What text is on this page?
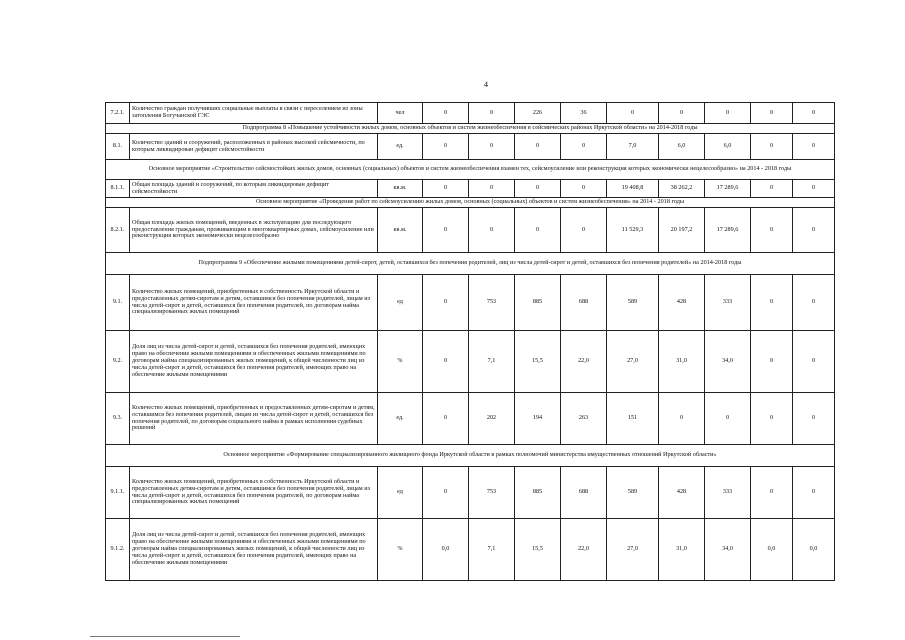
4
7.2.1.	Количество граждан получивших социальные выплаты в связи с переселением из зоны затопления Богучанской ГЭС	чел	0	0	226	36	0	0	0	0	0
Подпрограмма 8 «Повышение устойчивости жилых домов, основных объектов и систем жизнеобеспечения в сейсмических районах Иркутской области» на 2014-2018 годы											
8.1.	Количество зданий и сооружений, расположенных в районах высокой сейсмичности, по которым ликвидирован дефицит сейсмостойкости	ед.	0	0	0	0	7,0	6,0	6,0	0	0
Основное мероприятие «Строительство сейсмостойких жилых домов, основных (социальных) объектов и систем жизнеобеспечения взамен тех, сейсмоусиление или реконструкция которых экономически нецелесообразно» на 2014 - 2018 годы											
8.1.1.	Общая площадь зданий и сооружений, по которым ликвидирован дефицит сейсмостойкости	кв.м.	0	0	0	0	19 408,8	38 262,2	17 289,6	0	0
Основное мероприятие «Проведение работ по сейсмоусилению жилых домов, основных (социальных) объектов и систем жизнеобеспечения» на 2014 - 2018 годы											
8.2.1.	Общая площадь жилых помещений, введенных в эксплуатацию для последующего предоставления гражданам, проживающим в многоквартирных домах, сейсмоусиление или реконструкция которых экономически нецелесообразно	кв.м.	0	0	0	0	11 529,3	20 197,2	17 289,6	0	0
Подпрограмма 9 «Обеспечение жилыми помещениями детей-сирот, детей, оставшихся без попечения родителей, лиц из числа детей-сирот и детей, оставшихся без попечения родителей» на 2014-2018 годы											
9.1.	Количество жилых помещений, приобретенных в собственность Иркутской области и предоставленных детям-сиротам и детям, оставшимся без попечения родителей, лицам из числа детей-сирот и детей, оставшихся без попечения родителей, по договорам найма специализированных жилых помещений	ед	0	753	885	688	589	428	333	0	0
9.2.	Доля лиц из числа детей-сирот и детей, оставшихся без попечения родителей, имеющих право на обеспечение жилыми помещениями и обеспеченных жилыми помещениями по договорам найма специализированных жилых помещений, к общей численности лиц из числа детей-сирот и детей, оставшихся без попечения родителей, имеющих право на обеспечение жилыми помещениями	%	0	7,1	15,5	22,0	27,0	31,0	34,0	0	0
9.3.	Количество жилых помещений, приобретенных и предоставленных детям-сиротам и детям, оставшимся без попечения родителей, лицам из числа детей-сирот и детей, оставшихся без попечения родителей, по договорам социального найма в рамках исполнения судебных решений	ед.	0	202	194	263	151	0	0	0	0
Основное мероприятие «Формирование специализированного жилищного фонда Иркутской области в рамках полномочий министерства имущественных отношений Иркутской области»											
9.1.1.	Количество жилых помещений, приобретенных в собственность Иркутской области и предоставленных детям-сиротам и детям, оставшимся без попечения родителей, лицам из числа детей-сирот и детей, оставшихся без попечения родителей, по договорам найма специализированных жилых помещений	ед	0	753	885	688	589	428	333	0	0
9.1.2.	Доля лиц из числа детей-сирот и детей, оставшихся без попечения родителей, имеющих право на обеспечение жилыми помещениями и обеспеченных жилыми помещениями по договорам найма специализированных жилых помещений, к общей численности лиц из числа детей-сирот и детей, оставшихся без попечения родителей, имеющих право на обеспечение жилыми помещениями	%	0,0	7,1	15,5	22,0	27,0	31,0	34,0	0,0	0,0
